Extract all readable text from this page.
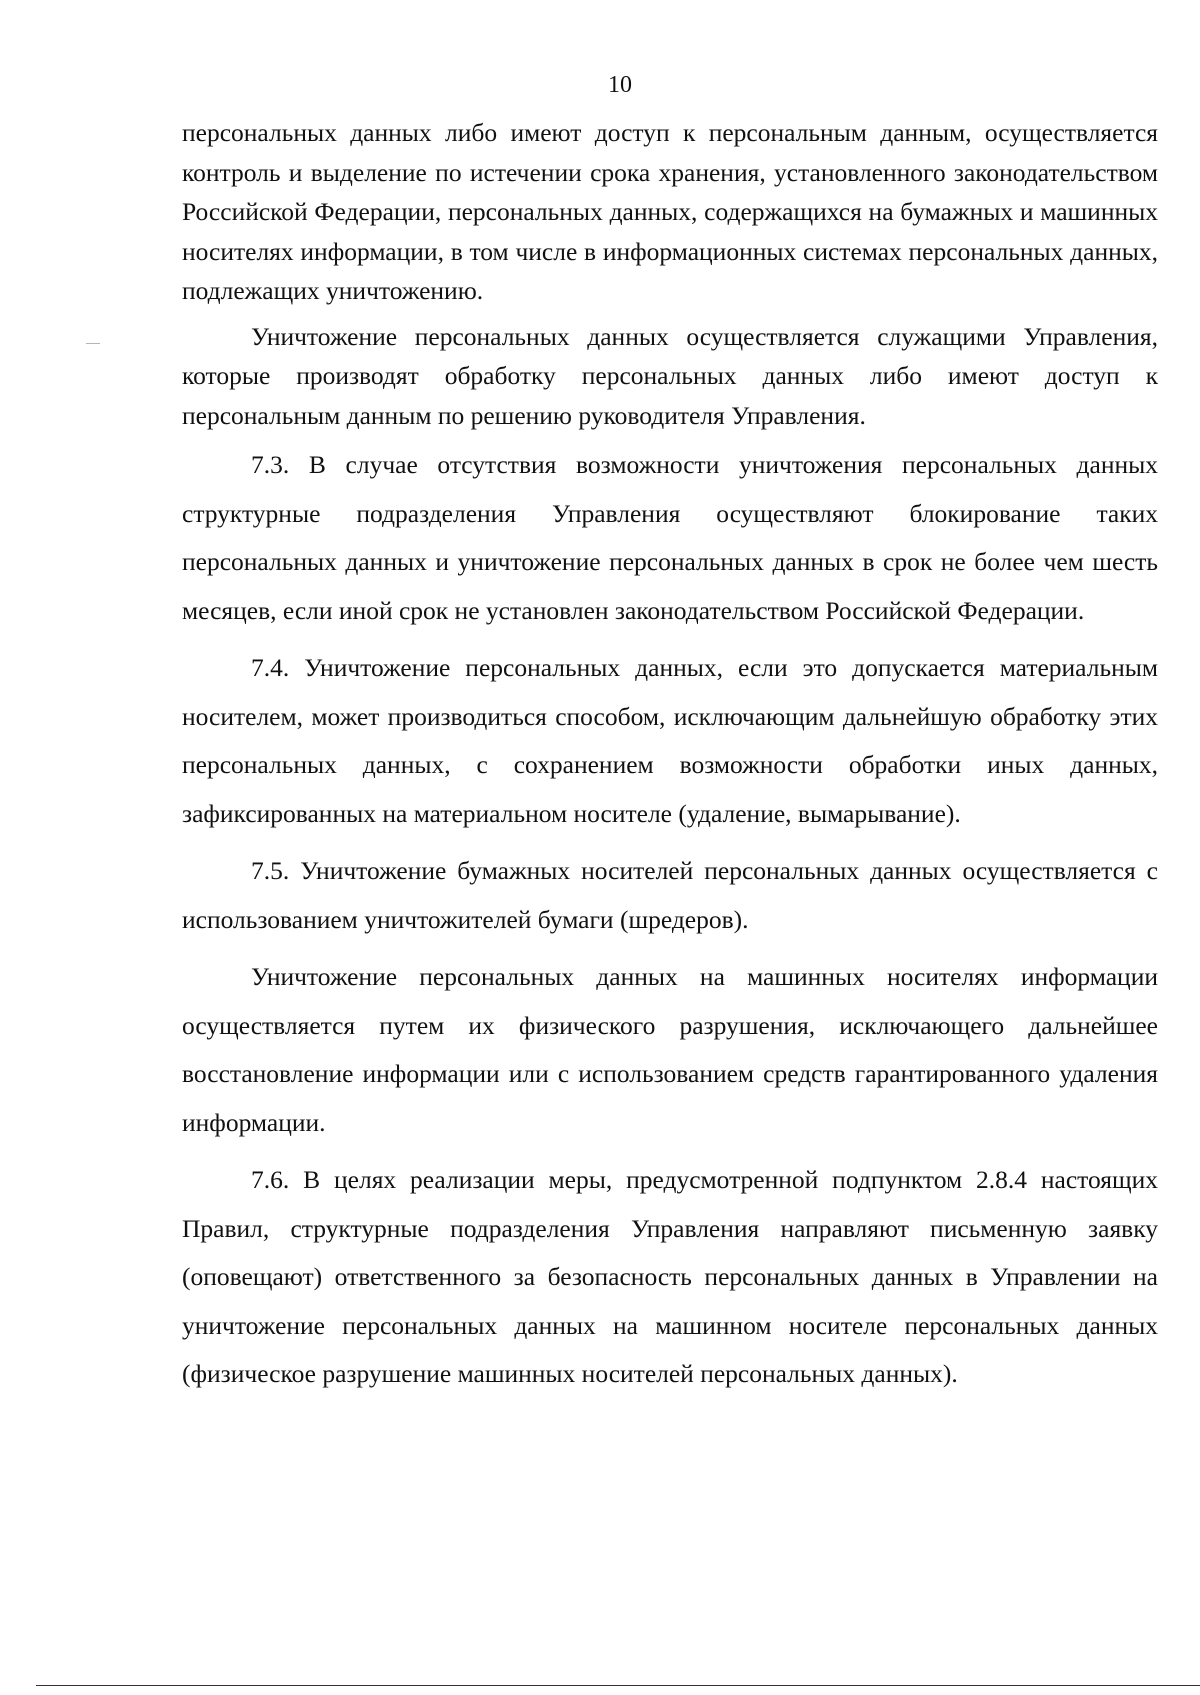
10

персональных данных либо имеют доступ к персональным данным, осуществляется контроль и выделение по истечении срока хранения, установленного законодательством Российской Федерации, персональных данных, содержащихся на бумажных и машинных носителях информации, в том числе в информационных системах персональных данных, подлежащих уничтожению.

Уничтожение персональных данных осуществляется служащими Управления, которые производят обработку персональных данных либо имеют доступ к персональным данным по решению руководителя Управления.

7.3. В случае отсутствия возможности уничтожения персональных данных структурные подразделения Управления осуществляют блокирование таких персональных данных и уничтожение персональных данных в срок не более чем шесть месяцев, если иной срок не установлен законодательством Российской Федерации.

7.4. Уничтожение персональных данных, если это допускается материальным носителем, может производиться способом, исключающим дальнейшую обработку этих персональных данных, с сохранением возможности обработки иных данных, зафиксированных на материальном носителе (удаление, вымарывание).

7.5. Уничтожение бумажных носителей персональных данных осуществляется с использованием уничтожителей бумаги (шредеров).

Уничтожение персональных данных на машинных носителях информации осуществляется путем их физического разрушения, исключающего дальнейшее восстановление информации или с использованием средств гарантированного удаления информации.

7.6. В целях реализации меры, предусмотренной подпунктом 2.8.4 настоящих Правил, структурные подразделения Управления направляют письменную заявку (оповещают) ответственного за безопасность персональных данных в Управлении на уничтожение персональных данных на машинном носителе персональных данных (физическое разрушение машинных носителей персональных данных).
